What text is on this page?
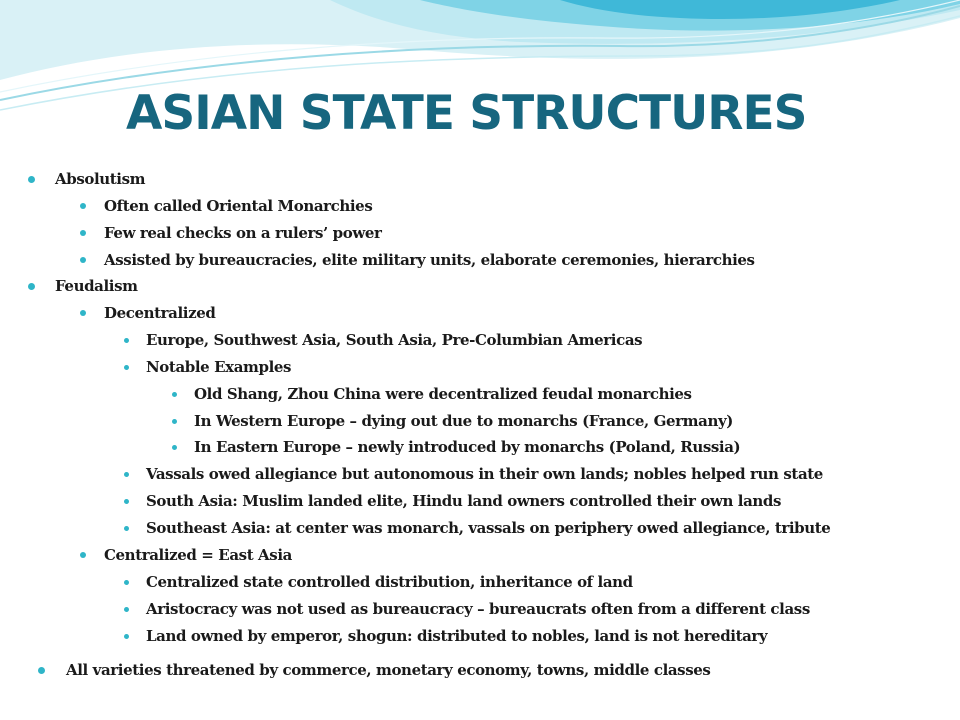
ASIAN STATE STRUCTURES
Absolutism
Often called Oriental Monarchies
Few real checks on a rulers’ power
Assisted by bureaucracies, elite military units, elaborate ceremonies, hierarchies
Feudalism
Decentralized
Europe, Southwest Asia, South Asia, Pre-Columbian Americas
Notable Examples
Old Shang, Zhou China were decentralized feudal monarchies
In Western Europe – dying out due to monarchs (France, Germany)
In Eastern Europe – newly introduced by monarchs (Poland, Russia)
Vassals owed allegiance but autonomous in their own lands; nobles helped run state
South Asia: Muslim landed elite, Hindu land owners controlled their own lands
Southeast Asia: at center was monarch, vassals on periphery owed allegiance, tribute
Centralized = East Asia
Centralized state controlled distribution, inheritance of land
Aristocracy was not used as bureaucracy – bureaucrats often from a different class
Land owned by emperor, shogun: distributed to nobles, land is not hereditary
All varieties threatened by commerce, monetary economy, towns, middle classes
